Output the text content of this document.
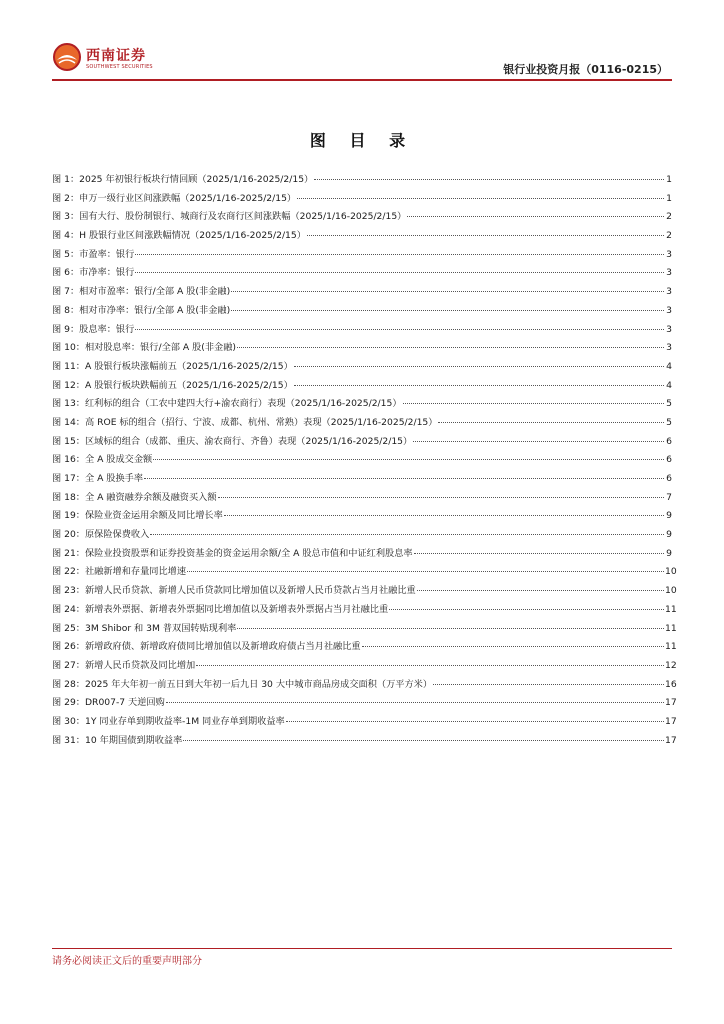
西南证券
SOUTHWEST SECURITIES	银行业投资月报（0116-0215）
图 目 录
图 1：2025 年初银行板块行情回顾（2025/1/16-2025/2/15）	1
图 2：申万一级行业区间涨跌幅（2025/1/16-2025/2/15）	1
图 3：国有大行、股份制银行、城商行及农商行区间涨跌幅（2025/1/16-2025/2/15）	2
图 4：H 股银行业区间涨跌幅情况（2025/1/16-2025/2/15）	2
图 5：市盈率：银行	3
图 6：市净率：银行	3
图 7：相对市盈率：银行/全部 A 股(非金融)	3
图 8：相对市净率：银行/全部 A 股(非金融)	3
图 9：股息率：银行	3
图 10：相对股息率：银行/全部 A 股(非金融)	3
图 11：A 股银行板块涨幅前五（2025/1/16-2025/2/15）	4
图 12：A 股银行板块跌幅前五（2025/1/16-2025/2/15）	4
图 13：红利标的组合（工农中建四大行+渝农商行）表现（2025/1/16-2025/2/15）	5
图 14：高 ROE 标的组合（招行、宁波、成都、杭州、常熟）表现（2025/1/16-2025/2/15）	5
图 15：区域标的组合（成都、重庆、渝农商行、齐鲁）表现（2025/1/16-2025/2/15）	6
图 16：全 A 股成交金额	6
图 17：全 A 股换手率	6
图 18：全 A 融资融券余额及融资买入额	7
图 19：保险业资金运用余额及同比增长率	9
图 20：原保险保费收入	9
图 21：保险业投资股票和证券投资基金的资金运用余额/全 A 股总市值和中证红利股息率	9
图 22：社融新增和存量同比增速	10
图 23：新增人民币贷款、新增人民币贷款同比增加值以及新增人民币贷款占当月社融比重	10
图 24：新增表外票据、新增表外票据同比增加值以及新增表外票据占当月社融比重	11
图 25：3M Shibor 和 3M 普双国转贴现利率	11
图 26：新增政府债、新增政府债同比增加值以及新增政府债占当月社融比重	11
图 27：新增人民币贷款及同比增加	12
图 28：2025 年大年初一前五日到大年初一后九日 30 大中城市商品房成交面积（万平方米）	16
图 29：DR007-7 天逆回购	17
图 30：1Y 同业存单到期收益率-1M 同业存单到期收益率	17
图 31：10 年期国债到期收益率	17
请务必阅读正文后的重要声明部分
